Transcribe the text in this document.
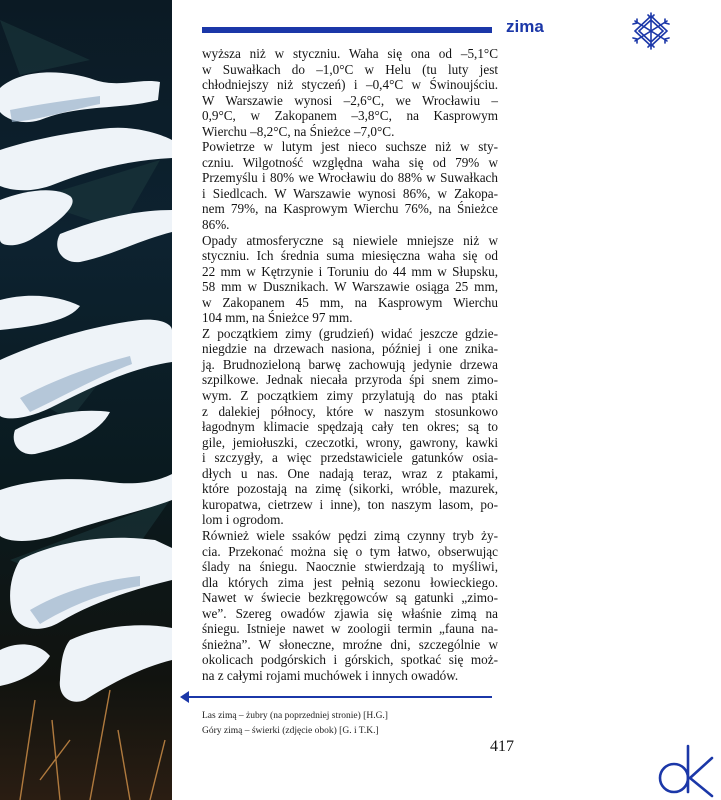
zima

wyższa niż w styczniu. Waha się ona od –5,1°C

w Suwałkach do –1,0°C w Helu (tu luty jest

chłodniejszy niż styczeń) i –0,4°C w Świnoujściu.

W Warszawie wynosi –2,6°C, we Wrocławiu –

0,9°C, w Zakopanem –3,8°C, na Kasprowym

Wierchu –8,2°C, na Śnieżce –7,0°C.

Powietrze w lutym jest nieco suchsze niż w sty-

czniu. Wilgotność względna waha się od 79% w

Przemyślu i 80% we Wrocławiu do 88% w Suwałkach

i Siedlcach. W Warszawie wynosi 86%, w Zakopa-

nem 79%, na Kasprowym Wierchu 76%, na Śnieżce

86%.

Opady atmosferyczne są niewiele mniejsze niż w

styczniu. Ich średnia suma miesięczna waha się od

22 mm w Kętrzynie i Toruniu do 44 mm w Słupsku,

58 mm w Dusznikach. W Warszawie osiąga 25 mm,

w Zakopanem 45 mm, na Kasprowym Wierchu

104 mm, na Śnieżce 97 mm.

Z początkiem zimy (grudzień) widać jeszcze gdzie-

niegdzie na drzewach nasiona, później i one znika-

ją. Brudnozieloną barwę zachowują jedynie drzewa

szpilkowe. Jednak niecała przyroda śpi snem zimo-

wym. Z początkiem zimy przylatują do nas ptaki

z dalekiej północy, które w naszym stosunkowo

łagodnym klimacie spędzają cały ten okres; są to

gile, jemiołuszki, czeczotki, wrony, gawrony, kawki

i szczygły, a więc przedstawiciele gatunków osia-

dłych u nas. One nadają teraz, wraz z ptakami,

które pozostają na zimę (sikorki, wróble, mazurek,

kuropatwa, cietrzew i inne), ton naszym lasom, po-

lom i ogrodom.

Również wiele ssaków pędzi zimą czynny tryb ży-

cia. Przekonać można się o tym łatwo, obserwując

ślady na śniegu. Naocznie stwierdzają to myśliwi,

dla których zima jest pełnią sezonu łowieckiego.

Nawet w świecie bezkręgowców są gatunki „zimo-

we”. Szereg owadów zjawia się właśnie zimą na

śniegu. Istnieje nawet w zoologii termin „fauna na-

śnieżna”. W słoneczne, mroźne dni, szczególnie w

okolicach podgórskich i górskich, spotkać się moż-

na z całymi rojami muchówek i innych owadów.

Las zimą – żubry (na poprzedniej stronie) [H.G.]
Góry zimą – świerki (zdjęcie obok) [G. i T.K.]
417
